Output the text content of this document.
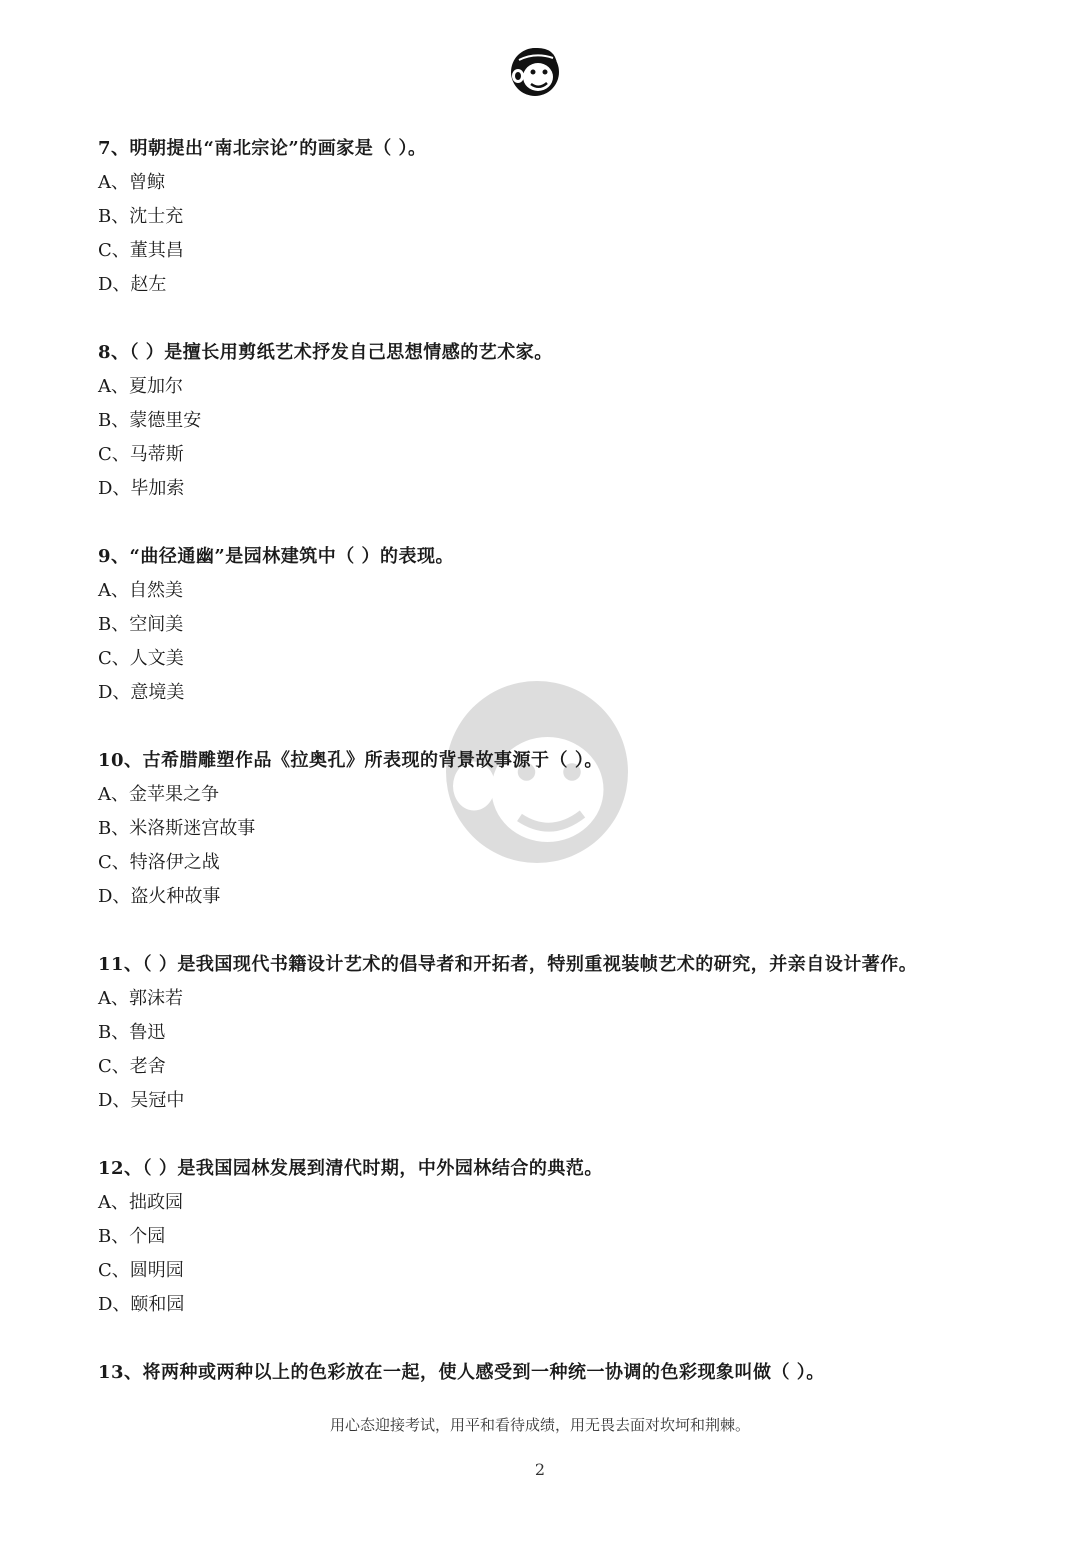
7、明朝提出“南北宗论”的画家是（ ）。
A、曾鲸
B、沈士充
C、董其昌
D、赵左
8、（ ）是擅长用剪纸艺术抒发自己思想情感的艺术家。
A、夏加尔
B、蒙德里安
C、马蒂斯
D、毕加索
9、“曲径通幽”是园林建筑中（ ）的表现。
A、自然美
B、空间美
C、人文美
D、意境美
10、古希腊雕塑作品《拉奥孔》所表现的背景故事源于（ ）。
A、金苹果之争
B、米洛斯迷宫故事
C、特洛伊之战
D、盗火种故事
11、（ ）是我国现代书籍设计艺术的倡导者和开拓者，特别重视装帧艺术的研究，并亲自设计著作。
A、郭沫若
B、鲁迅
C、老舍
D、吴冠中
12、（ ）是我国园林发展到清代时期，中外园林结合的典范。
A、拙政园
B、个园
C、圆明园
D、颐和园
13、将两种或两种以上的色彩放在一起，使人感受到一种统一协调的色彩现象叫做（ ）。
用心态迎接考试，用平和看待成绩，用无畏去面对坎坷和荆棘。
2
